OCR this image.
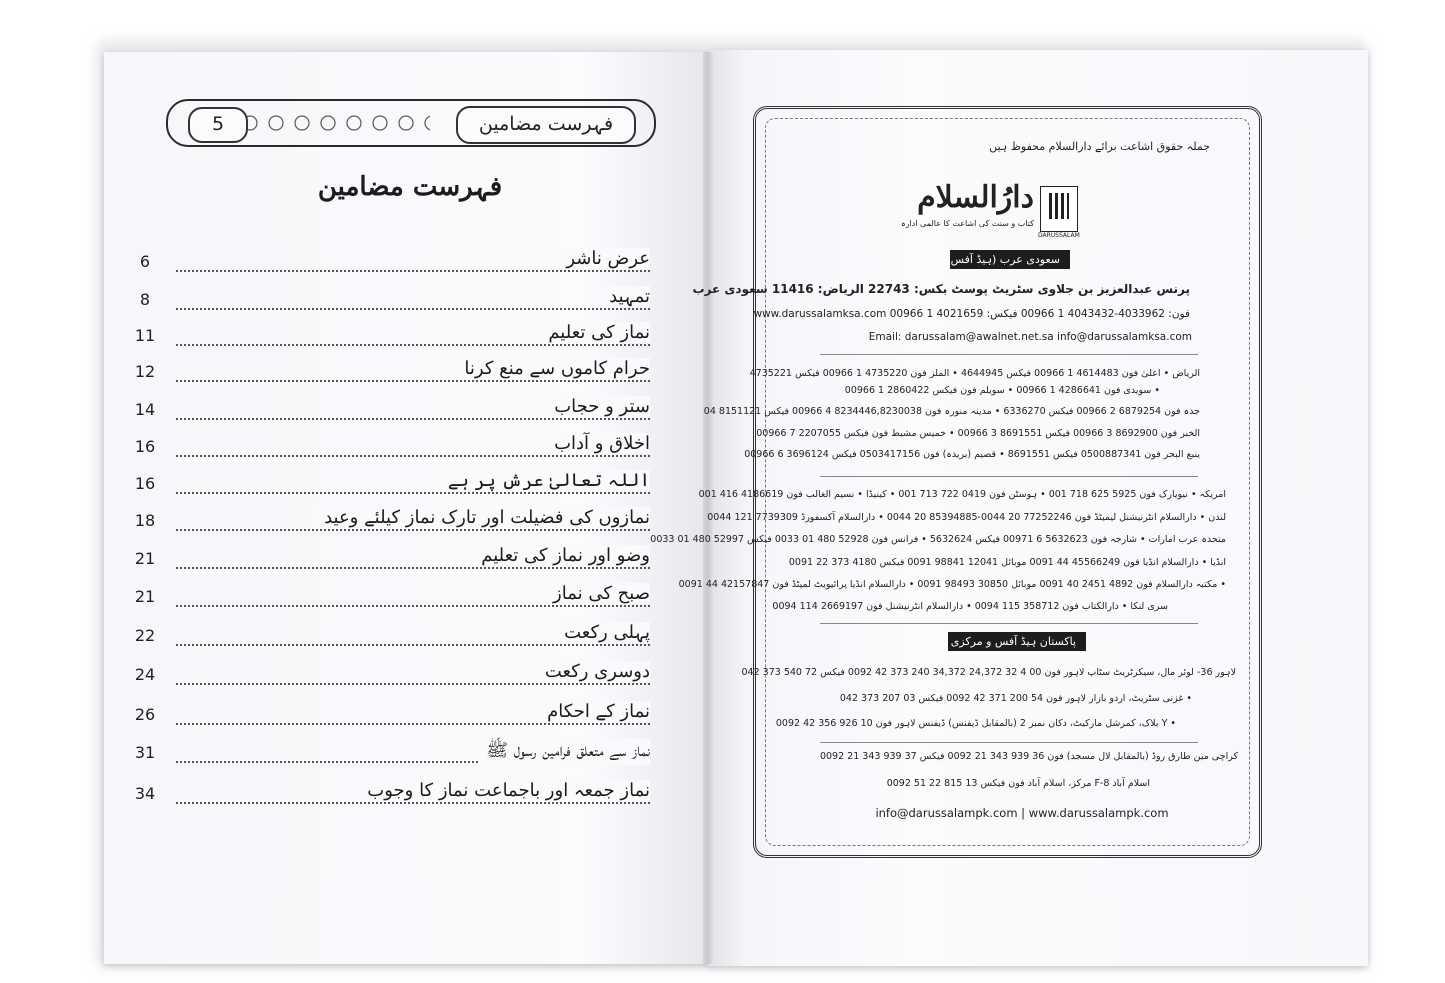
5	فہرست مضامین
فہرست مضامین
6	عرض ناشر
8	تمہید
11	نماز کی تعلیم
12	حرام کاموں سے منع کرنا
14	ستر و حجاب
16	اخلاق و آداب
16	اللہ تعالیٰ عرش پر ہے
18	نمازوں کی فضیلت اور تارک نماز کیلئے وعید
21	وضو اور نماز کی تعلیم
21	صبح کی نماز
22	پہلی رکعت
24	دوسری رکعت
26	نماز کے احکام
31	نماز سے متعلق فرامین رسول ﷺ
34	نماز جمعہ اور باجماعت نماز کا وجوب
جملہ حقوق اشاعت برائے دارالسلام محفوظ ہیں
DARUSSALAM
دارُالسلام
کتاب و سنت کی اشاعت کا عالمی ادارہ
سعودی عرب (ہیڈ آفس)
پرنس عبدالعزیز بن جلاوی سٹریٹ پوسٹ بکس: 22743 الریاض: 11416 سعودی عرب
فون: 4033962-4043432 1 00966 فیکس: 4021659 1 00966 www.darussalamksa.com
Email: darussalam@awalnet.net.sa info@darussalamksa.com
الریاض • اعلیٰ فون 4614483 1 00966 فیکس 4644945 • الملز فون 4735220 1 00966 فیکس 4735221
• سویدی فون 4286641 1 00966 • سویلم فون فیکس 2860422 1 00966
جدہ فون 6879254 2 00966 فیکس 6336270 • مدینہ منورہ فون 8234446,8230038 4 00966 فیکس 8151121 04
الخبر فون 8692900 3 00966 فیکس 8691551 3 00966 • خمیس مشیط فون فیکس 2207055 7 00966
ینبع البحر فون 0500887341 فیکس 8691551 • قصیم (بریدہ) فون 0503417156 فیکس 3696124 6 00966
امریکہ • نیویارک فون 5925 625 718 001 • ہوسٹن فون 0419 722 713 001 • کینیڈا • نسیم الغالب فون 4186619 416 001
لندن • دارالسلام انٹرنیشنل لیمیٹڈ فون 77252246 20 0044-85394885 20 0044 • دارالسلام آکسفورڈ 7739309 121 0044
متحدہ عرب امارات • شارجہ فون 5632623 6 00971 فیکس 5632624 • فرانس فون 52928 480 01 0033 فیکس 52997 480 01 0033
انڈیا • دارالسلام انڈیا فون 45566249 44 0091 موبائل 12041 98841 0091 فیکس 4180 373 22 0091
• مکتبہ دارالسلام فون 4892 2451 40 0091 موبائل 30850 98493 0091 • دارالسلام انڈیا پرائیویٹ لمیٹڈ فون 42157847 44 0091
سری لنکا • دارالکتاب فون 358712 115 0094 • دارالسلام انٹرنیشنل فون 2669197 114 0094
پاکستان ہیڈ آفس و مرکزی شوروم
لاہور 36- لوئر مال، سیکرٹریٹ سٹاپ لاہور فون 00 4 32 24,372 34,372 240 373 42 0092 فیکس 72 540 373 042
• غزنی سٹریٹ، اردو بازار لاہور فون 54 200 371 42 0092 فیکس 03 207 373 042
• Y بلاک، کمرشل مارکیٹ، دکان نمبر 2 (بالمقابل ڈیفنس) ڈیفنس لاہور فون 10 926 356 42 0092
کراچی مین طارق روڈ (بالمقابل لال مسجد) فون 36 939 343 21 0092 فیکس 37 939 343 21 0092
اسلام آباد F-8 مرکز، اسلام آباد فون فیکس 13 815 22 51 0092
info@darussalampk.com | www.darussalampk.com
